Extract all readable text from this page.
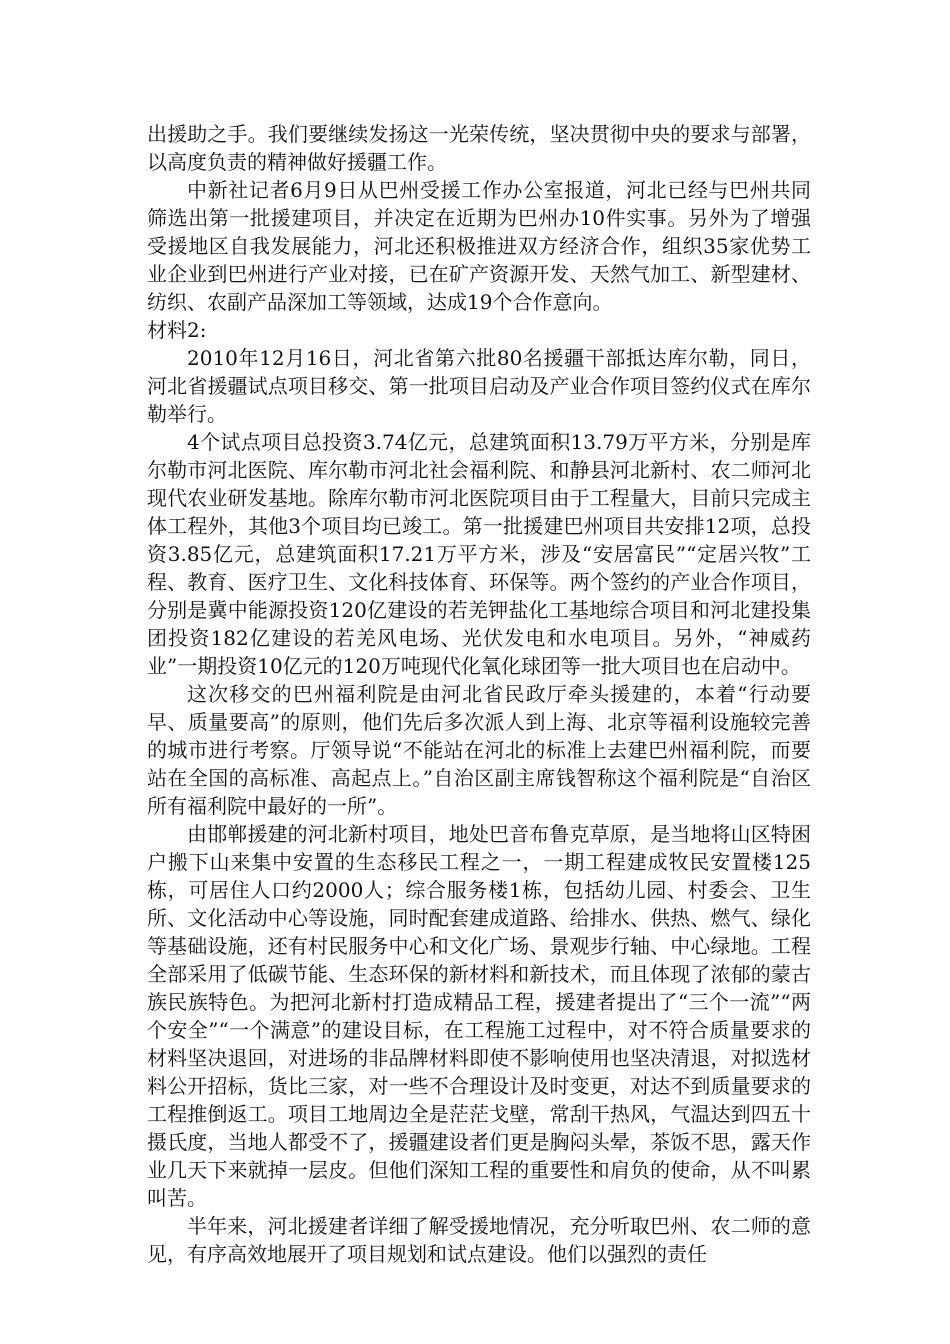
出援助之手。我们要继续发扬这一光荣传统，坚决贯彻中央的要求与部署，以高度负责的精神做好援疆工作。

中新社记者6月9日从巴州受援工作办公室报道，河北已经与巴州共同筛选出第一批援建项目，并决定在近期为巴州办10件实事。另外为了增强受援地区自我发展能力，河北还积极推进双方经济合作，组织35家优势工业企业到巴州进行产业对接，已在矿产资源开发、天然气加工、新型建材、纺织、农副产品深加工等领域，达成19个合作意向。

材料2:

2010年12月16日，河北省第六批80名援疆干部抵达库尔勒，同日，河北省援疆试点项目移交、第一批项目启动及产业合作项目签约仪式在库尔勒举行。

4个试点项目总投资3.74亿元，总建筑面积13.79万平方米，分别是库尔勒市河北医院、库尔勒市河北社会福利院、和静县河北新村、农二师河北现代农业研发基地。除库尔勒市河北医院项目由于工程量大，目前只完成主体工程外，其他3个项目均已竣工。第一批援建巴州项目共安排12项，总投资3.85亿元，总建筑面积17.21万平方米，涉及“安居富民”“定居兴牧”工程、教育、医疗卫生、文化科技体育、环保等。两个签约的产业合作项目，分别是冀中能源投资120亿建设的若羌钾盐化工基地综合项目和河北建投集团投资182亿建设的若羌风电场、光伏发电和水电项目。另外，“神威药业”一期投资10亿元的120万吨现代化氧化球团等一批大项目也在启动中。

这次移交的巴州福利院是由河北省民政厅牵头援建的，本着“行动要早、质量要高”的原则，他们先后多次派人到上海、北京等福利设施较完善的城市进行考察。厅领导说“不能站在河北的标准上去建巴州福利院，而要站在全国的高标准、高起点上。”自治区副主席钱智称这个福利院是“自治区所有福利院中最好的一所”。

由邯郸援建的河北新村项目，地处巴音布鲁克草原，是当地将山区特困户搬下山来集中安置的生态移民工程之一，一期工程建成牧民安置楼125栋，可居住人口约2000人；综合服务楼1栋，包括幼儿园、村委会、卫生所、文化活动中心等设施，同时配套建成道路、给排水、供热、燃气、绿化等基础设施，还有村民服务中心和文化广场、景观步行轴、中心绿地。工程全部采用了低碳节能、生态环保的新材料和新技术，而且体现了浓郁的蒙古族民族特色。为把河北新村打造成精品工程，援建者提出了“三个一流”“两个安全”“一个满意”的建设目标，在工程施工过程中，对不符合质量要求的材料坚决退回，对进场的非品牌材料即使不影响使用也坚决清退，对拟选材料公开招标，货比三家，对一些不合理设计及时变更，对达不到质量要求的工程推倒返工。项目工地周边全是茫茫戈壁，常刮干热风，气温达到四五十摄氏度，当地人都受不了，援疆建设者们更是胸闷头晕，茶饭不思，露天作业几天下来就掉一层皮。但他们深知工程的重要性和肩负的使命，从不叫累叫苦。

半年来，河北援建者详细了解受援地情况，充分听取巴州、农二师的意见，有序高效地展开了项目规划和试点建设。他们以强烈的责任
